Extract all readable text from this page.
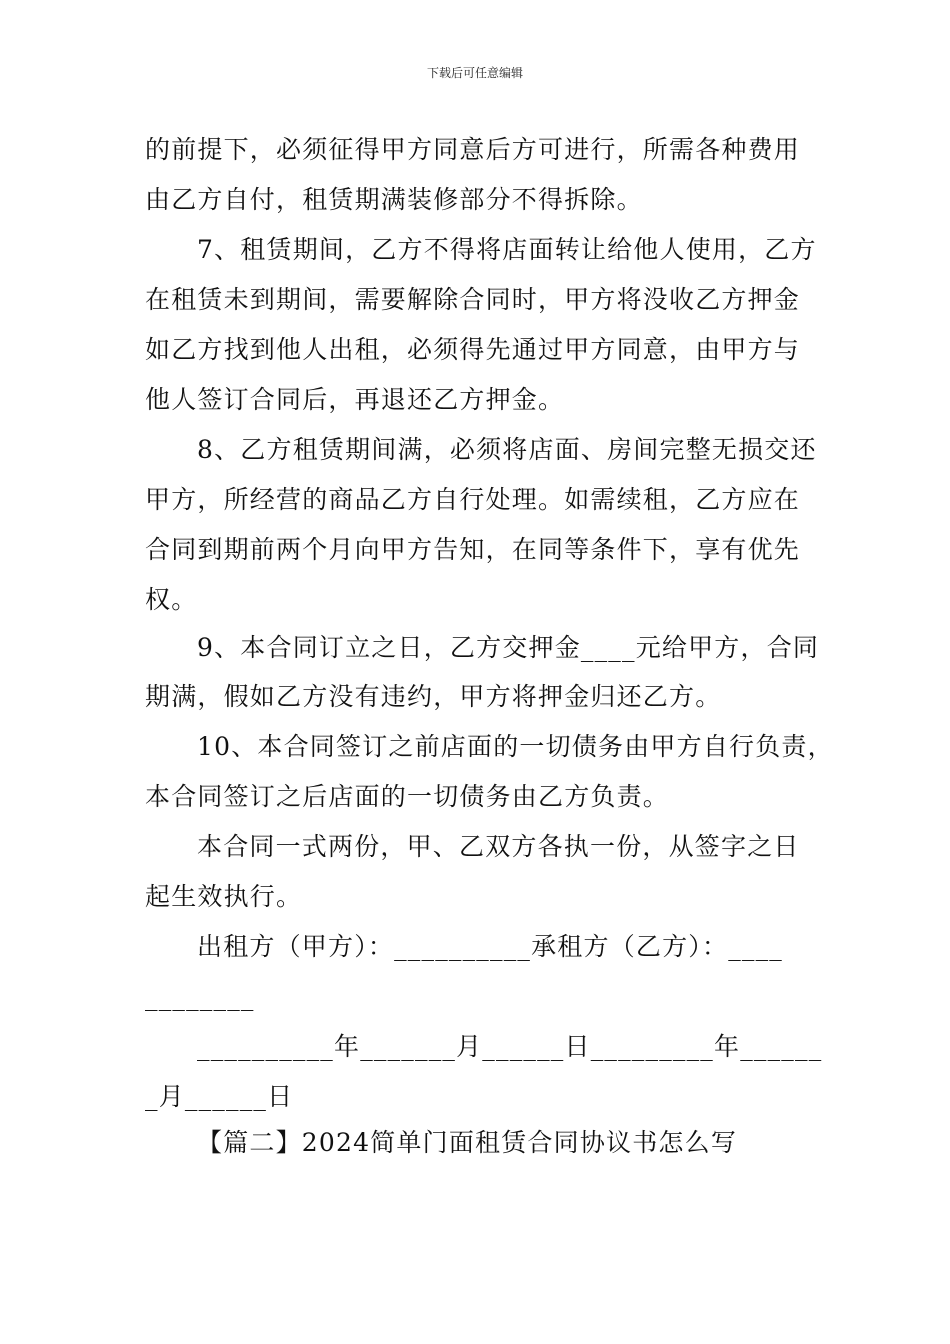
下载后可任意编辑
的前提下，必须征得甲方同意后方可进行，所需各种费用
由乙方自付，租赁期满装修部分不得拆除。
7、租赁期间，乙方不得将店面转让给他人使用，乙方
在租赁未到期间，需要解除合同时，甲方将没收乙方押金
如乙方找到他人出租，必须得先通过甲方同意，由甲方与
他人签订合同后，再退还乙方押金。
8、乙方租赁期间满，必须将店面、房间完整无损交还
甲方，所经营的商品乙方自行处理。如需续租，乙方应在
合同到期前两个月向甲方告知，在同等条件下，享有优先
权。
9、本合同订立之日，乙方交押金____元给甲方，合同
期满，假如乙方没有违约，甲方将押金归还乙方。
10、本合同签订之前店面的一切债务由甲方自行负责，
本合同签订之后店面的一切债务由乙方负责。
本合同一式两份，甲、乙双方各执一份，从签字之日
起生效执行。
出租方（甲方）：__________承租方（乙方）：____
________
__________年_______月______日_________年______
_月______日
【篇二】2024简单门面租赁合同协议书怎么写
